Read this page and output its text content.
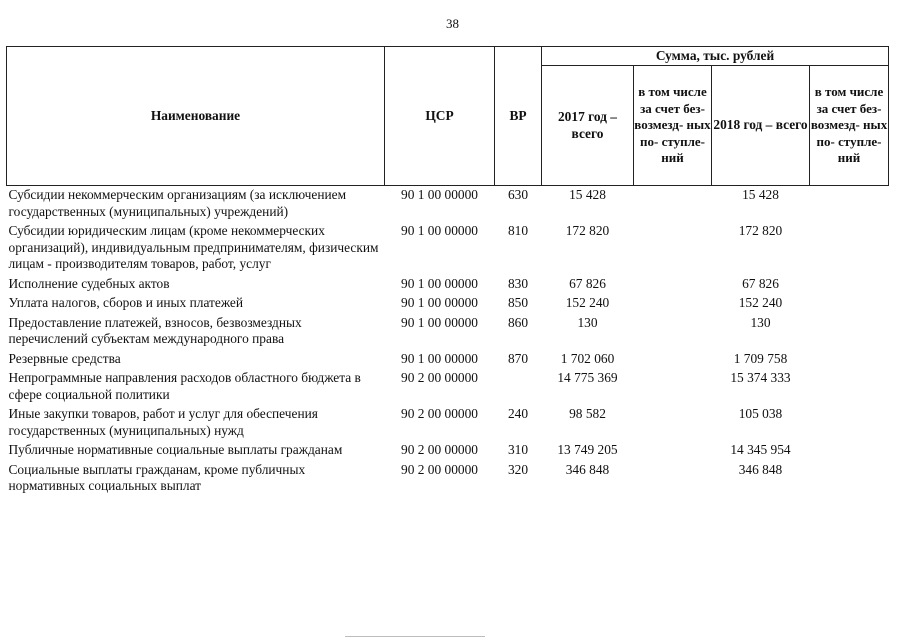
38
Наименование	ЦСР	ВР	Сумма, тыс. рублей			
			2017 год – всего	в том числе за счет без- возмезд- ных по- ступле- ний	2018 год – всего	в том числе за счет без- возмезд- ных по- ступле- ний
Субсидии некоммерческим организациям (за исключением государственных (муниципальных) учреждений)	90 1 00 00000	630	15 428		15 428	
Субсидии юридическим лицам (кроме некоммерческих организаций), индивидуальным предпринимателям, физическим лицам - производителям товаров, работ, услуг	90 1 00 00000	810	172 820		172 820	
Исполнение судебных актов	90 1 00 00000	830	67 826		67 826	
Уплата налогов, сборов и иных платежей	90 1 00 00000	850	152 240		152 240	
Предоставление платежей, взносов, безвозмездных перечислений субъектам международного права	90 1 00 00000	860	130		130	
Резервные средства	90 1 00 00000	870	1 702 060		1 709 758	
Непрограммные направления расходов областного бюджета в сфере социальной политики	90 2 00 00000		14 775 369		15 374 333	
Иные закупки товаров, работ и услуг для обеспечения государственных (муниципальных) нужд	90 2 00 00000	240	98 582		105 038	
Публичные нормативные социальные выплаты гражданам	90 2 00 00000	310	13 749 205		14 345 954	
Социальные выплаты гражданам, кроме публичных нормативных социальных выплат	90 2 00 00000	320	346 848		346 848	
